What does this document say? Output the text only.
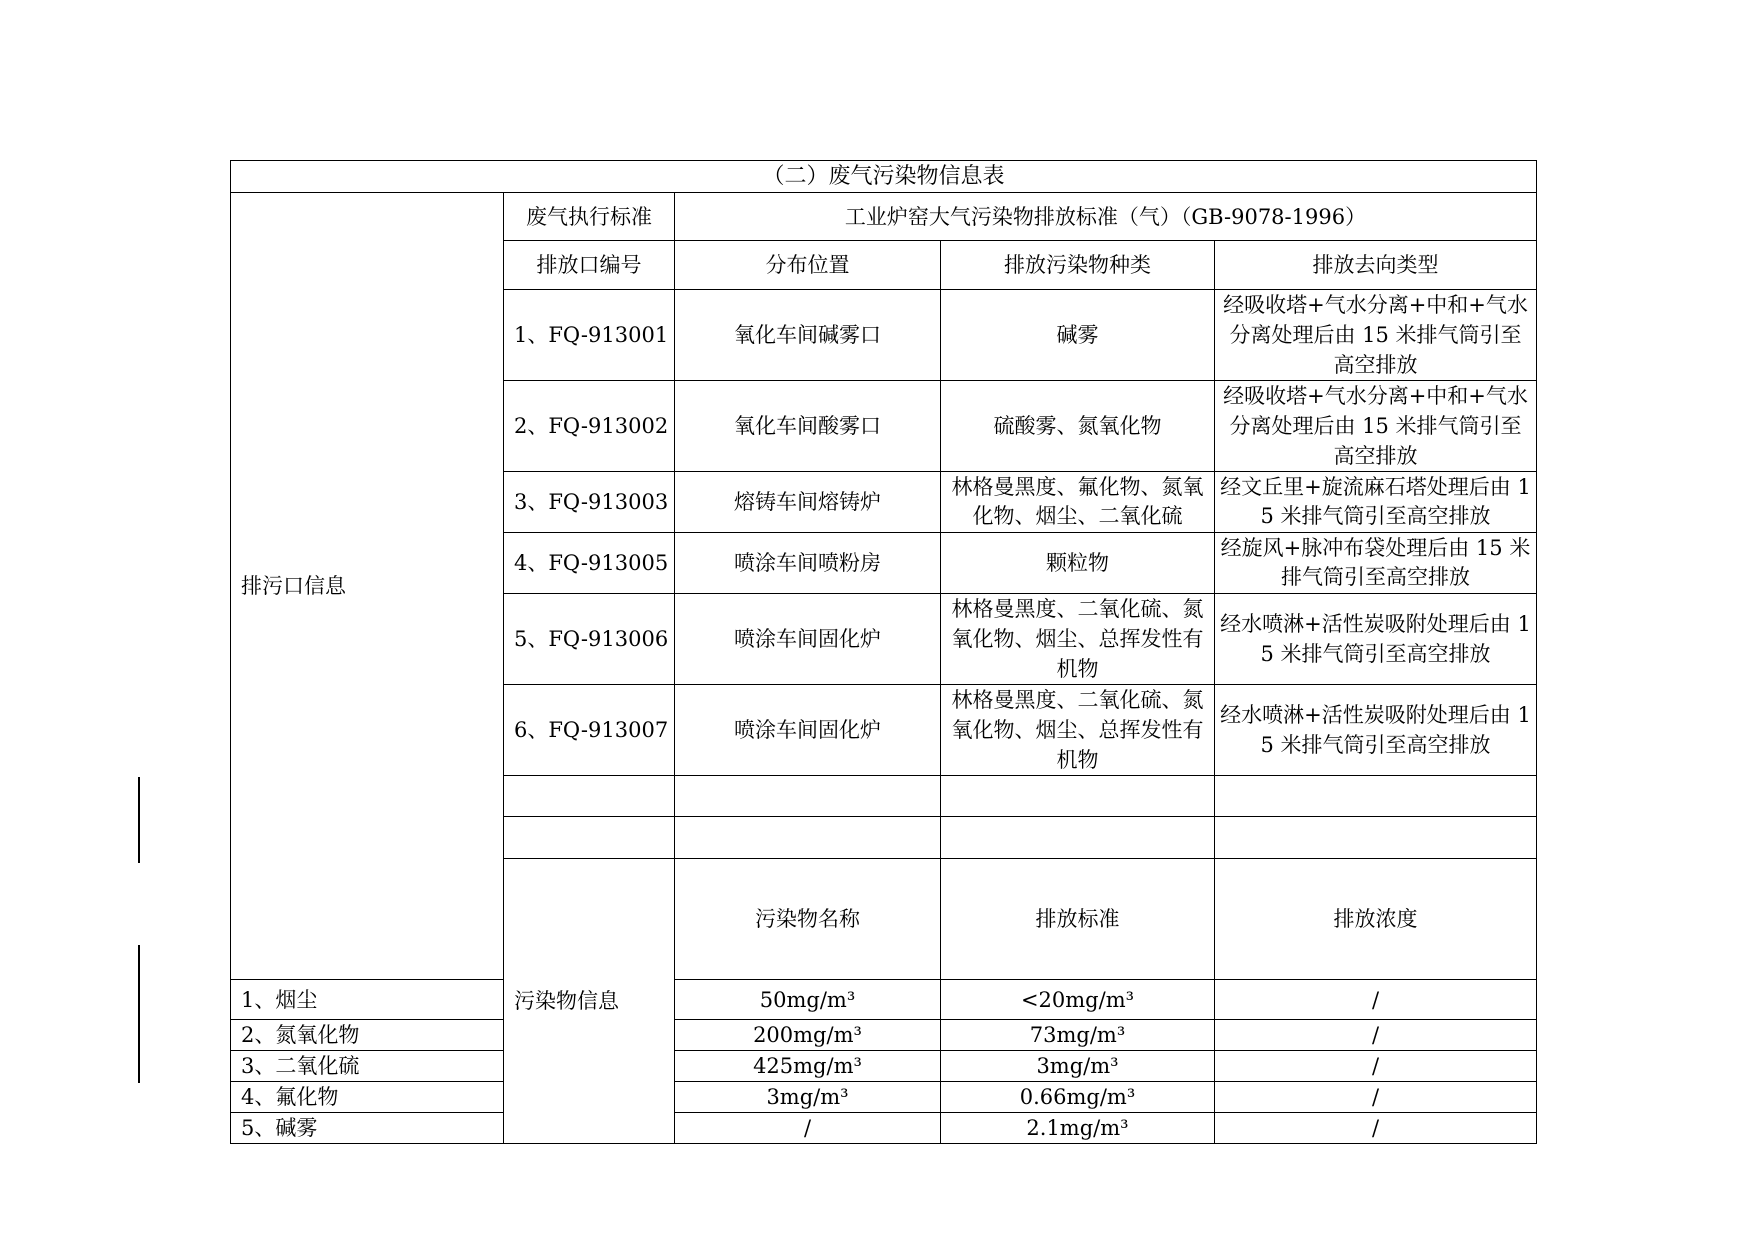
（二）废气污染物信息表					
排污口信息	废气执行标准	工业炉窑大气污染物排放标准（气）（GB-9078-1996）			
	排放口编号	分布位置	排放污染物种类	排放去向类型	
	1、FQ-913001	氧化车间碱雾口	碱雾	经吸收塔+气水分离+中和+气水分离处理后由 15 米排气筒引至高空排放	
	2、FQ-913002	氧化车间酸雾口	硫酸雾、氮氧化物	经吸收塔+气水分离+中和+气水分离处理后由 15 米排气筒引至高空排放	
	3、FQ-913003	熔铸车间熔铸炉	林格曼黑度、氟化物、氮氧化物、烟尘、二氧化硫	经文丘里+旋流麻石塔处理后由 15 米排气筒引至高空排放	
	4、FQ-913005	喷涂车间喷粉房	颗粒物	经旋风+脉冲布袋处理后由 15 米排气筒引至高空排放	
	5、FQ-913006	喷涂车间固化炉	林格曼黑度、二氧化硫、氮氧化物、烟尘、总挥发性有机物	经水喷淋+活性炭吸附处理后由 15 米排气筒引至高空排放	
	6、FQ-913007	喷涂车间固化炉	林格曼黑度、二氧化硫、氮氧化物、烟尘、总挥发性有机物	经水喷淋+活性炭吸附处理后由 15 米排气筒引至高空排放	

	污染物信息	污染物名称	排放标准	排放浓度	
1、烟尘		50mg/m³	<20mg/m³	/	
2、氮氧化物		200mg/m³	73mg/m³	/	
3、二氧化硫		425mg/m³	3mg/m³	/	
4、氟化物		3mg/m³	0.66mg/m³	/	
5、碱雾		/	2.1mg/m³	/	
